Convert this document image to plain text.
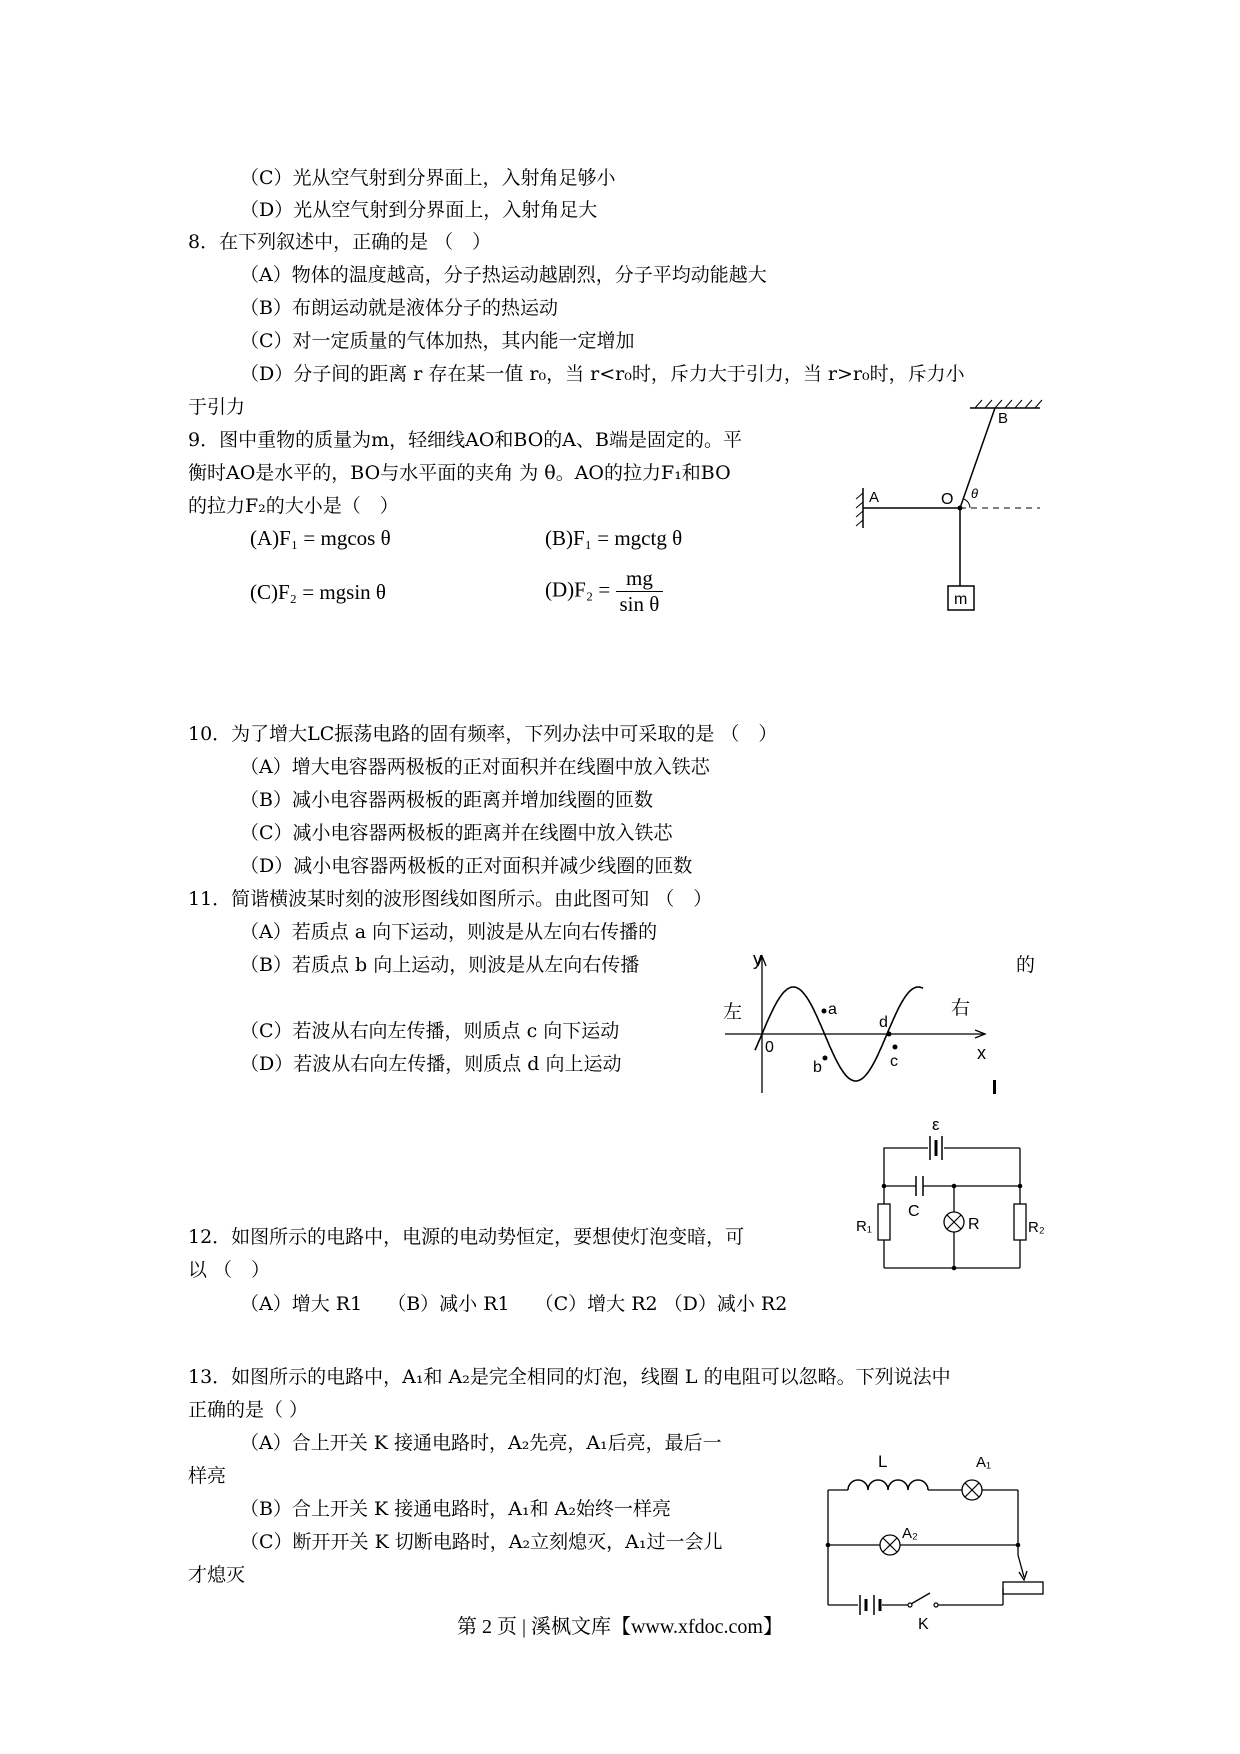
（C）光从空气射到分界面上，入射角足够小
（D）光从空气射到分界面上，入射角足大
8．在下列叙述中，正确的是 （　）
（A）物体的温度越高，分子热运动越剧烈，分子平均动能越大
（B）布朗运动就是液体分子的热运动
（C）对一定质量的气体加热，其内能一定增加
（D）分子间的距离 r 存在某一值 r₀，当 r<r₀时，斥力大于引力，当 r>r₀时，斥力小
于引力
9．图中重物的质量为m，轻细线AO和BO的A、B端是固定的。平
衡时AO是水平的，BO与水平面的夹角 为 θ。AO的拉力F₁和BO
的拉力F₂的大小是（　）
(A)F₁ = mgcos θ	(B)F₁ = mgctg θ
(C)F₂ = mgsin θ	$(D)F_2 = \frac{mg}{\text{sin θ}}$
A
B
O θ
m
10．为了增大LC振荡电路的固有频率，下列办法中可采取的是 （　）
（A）增大电容器两极板的正对面积并在线圈中放入铁芯
（B）减小电容器两极板的距离并增加线圈的匝数
（C）减小电容器两极板的距离并在线圈中放入铁芯
（D）减小电容器两极板的正对面积并减少线圈的匝数
11．简谐横波某时刻的波形图线如图所示。由此图可知 （　）
（A）若质点 a 向下运动，则波是从左向右传播的
（B）若质点 b 向上运动，则波是从左向右传播	的
（C）若波从右向左传播，则质点 c 向下运动
（D）若波从右向左传播，则质点 d 向上运动
y
x
0
左	右
a
b	c
d
12．如图所示的电路中，电源的电动势恒定，要想使灯泡变暗，可
以 （　）
（A）增大 R1　 （B）减小 R1　 （C）增大 R2 （D）减小 R2
ε
C
R₁	R	R₂
13．如图所示的电路中，A₁和 A₂是完全相同的灯泡，线圈 L 的电阻可以忽略。下列说法中
正确的是（ ）
（A）合上开关 K 接通电路时，A₂先亮，A₁后亮，最后一
样亮
（B）合上开关 K 接通电路时，A₁和 A₂始终一样亮
（C）断开开关 K 切断电路时，A₂立刻熄灭，A₁过一会儿
才熄灭
L	A₁
A₂
K
第 2 页 | 溪枫文库【www.xfdoc.com】
